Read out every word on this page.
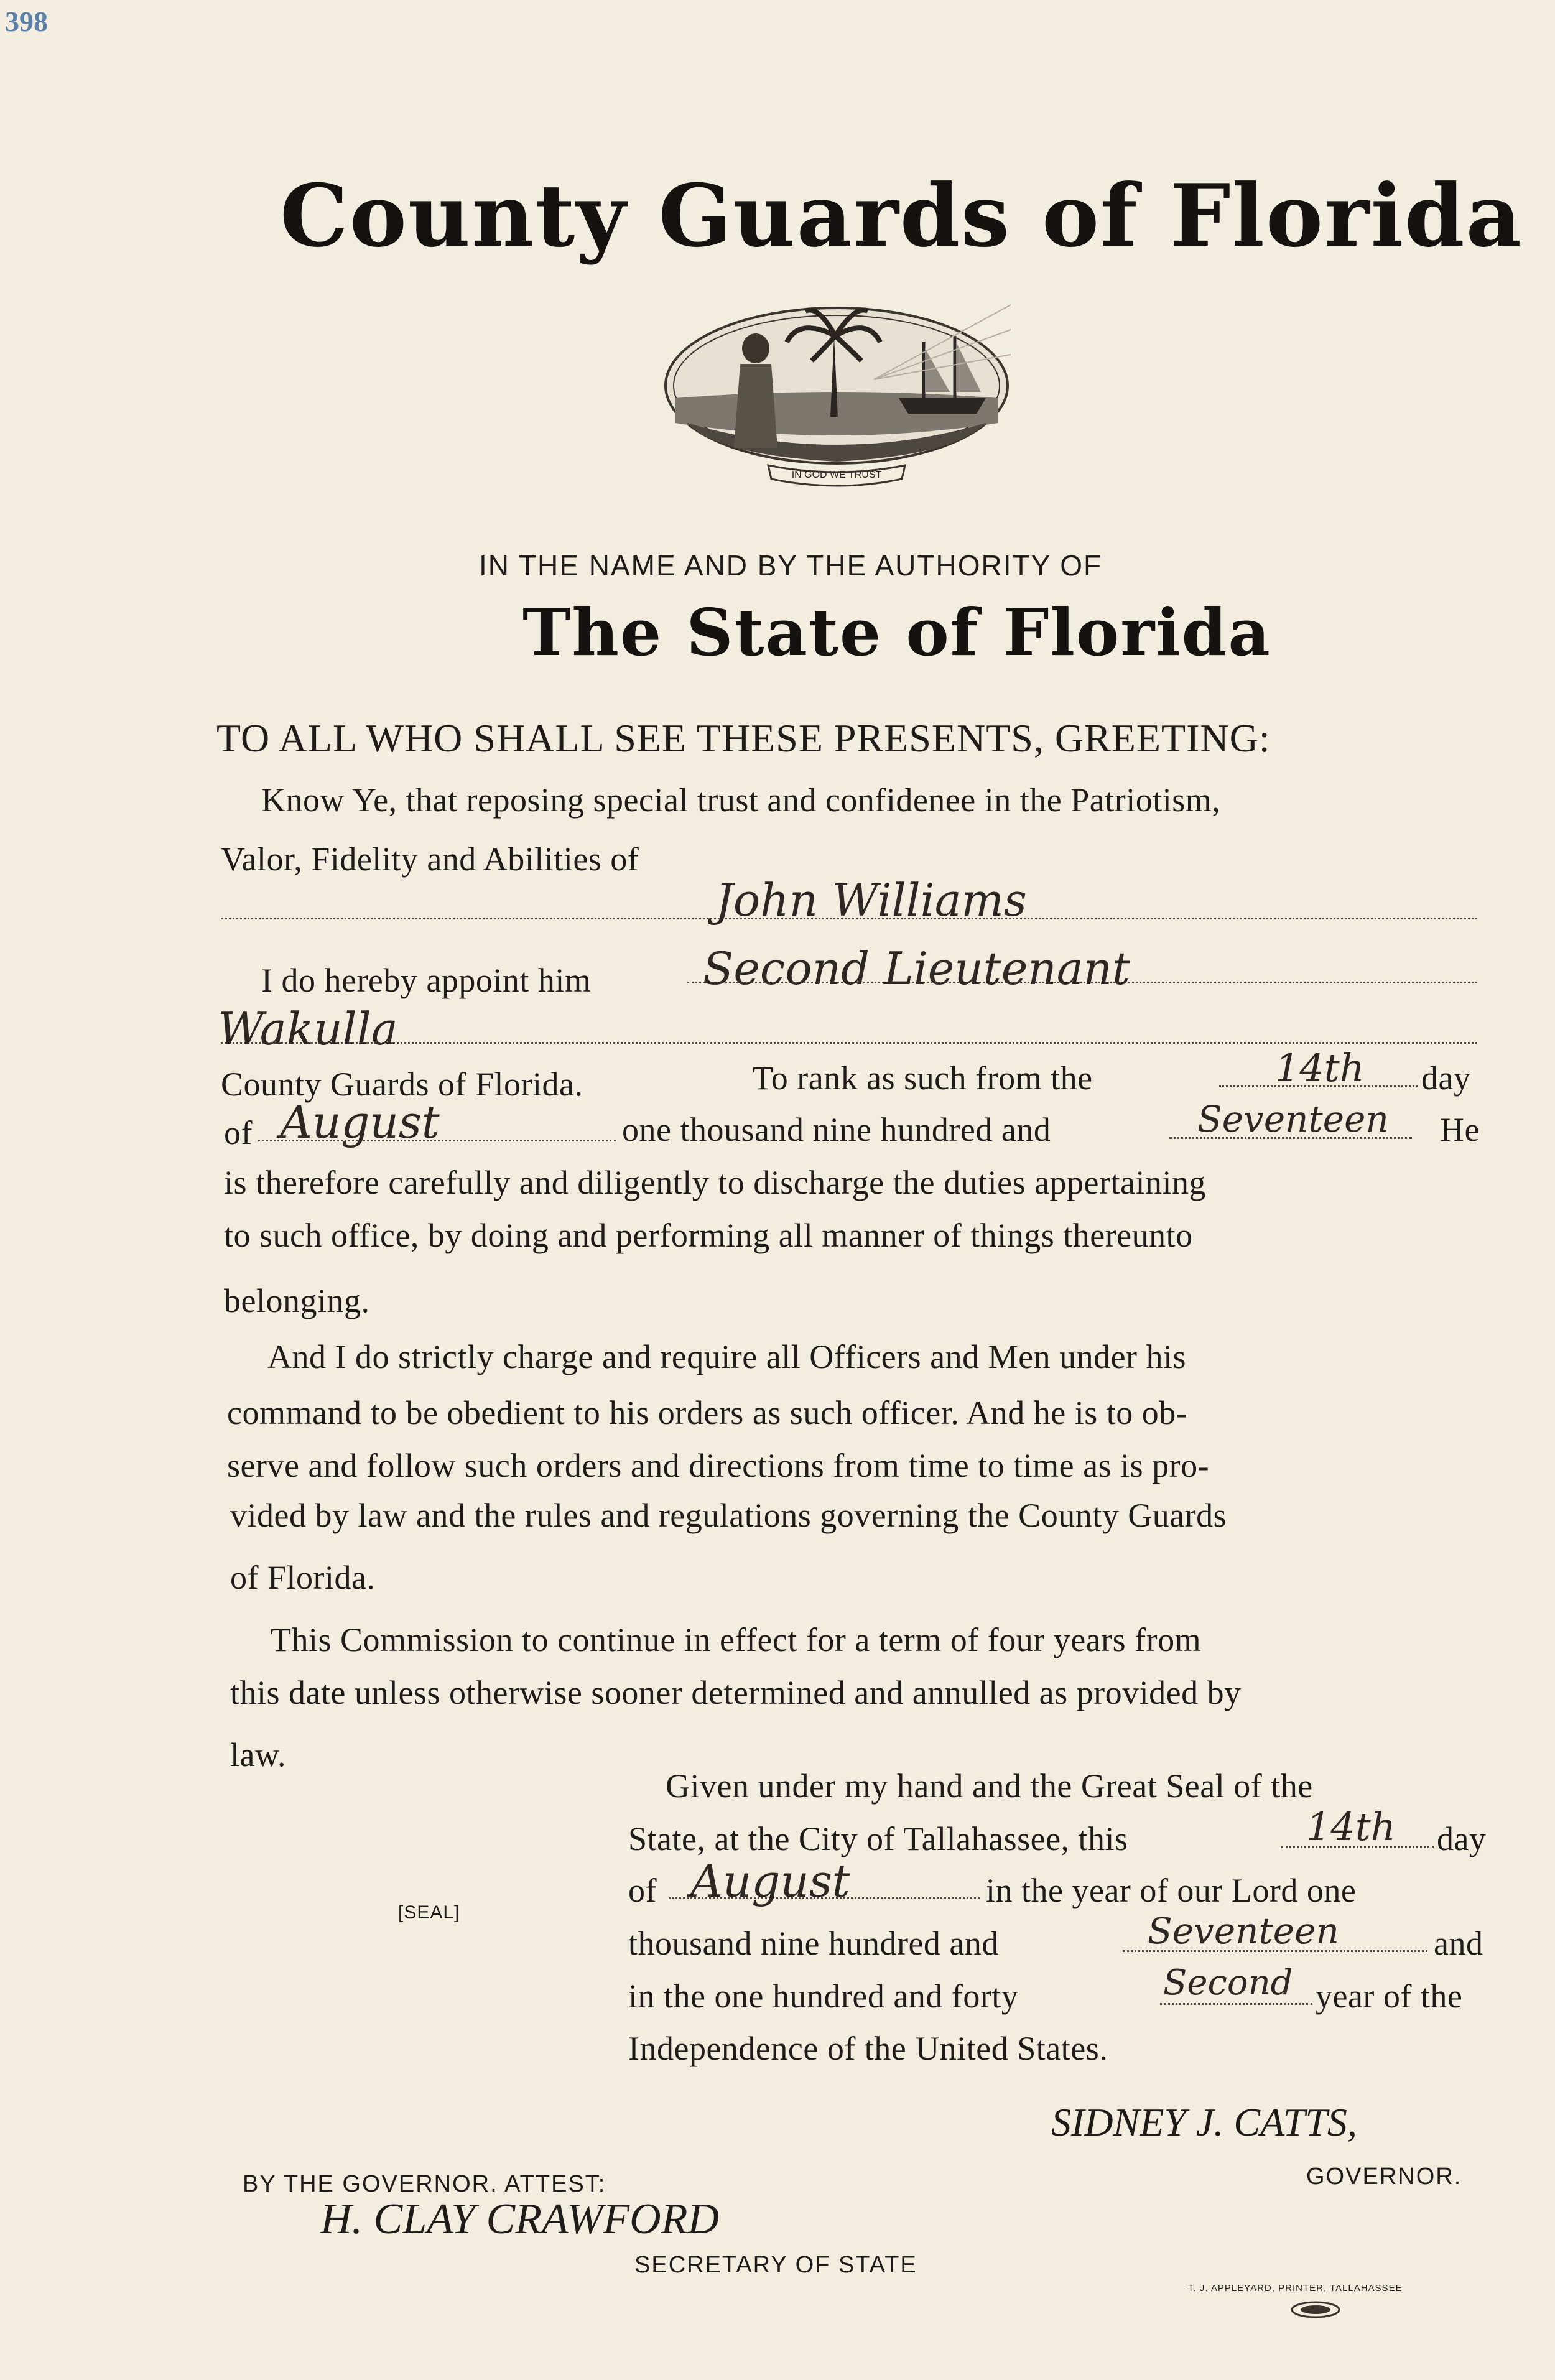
398
County Guards of Florida
IN GOD WE TRUST
IN THE NAME AND BY THE AUTHORITY OF
The State of Florida
TO ALL WHO SHALL SEE THESE PRESENTS, GREETING:
Know Ye, that reposing special trust and confidenee in the Patriotism,
Valor, Fidelity and Abilities of
John Williams
I do hereby appoint him Second Lieutenant
Wakulla
County Guards of Florida.	To rank as such from the	14th day
of August	one thousand nine hundred and	Seventeen He
is therefore carefully and diligently to discharge the duties appertaining
to such office, by doing and performing all manner of things thereunto
belonging.
And I do strictly charge and require all Officers and Men under his
command to be obedient to his orders as such officer. And he is to ob-
serve and follow such orders and directions from time to time as is pro-
vided by law and the rules and regulations governing the County Guards
of Florida.
This Commission to continue in effect for a term of four years from
this date unless otherwise sooner determined and annulled as provided by
law.
Given under my hand and the Great Seal of the
State, at the City of Tallahassee, this	14th day
[SEAL]
of August	in the year of our Lord one
thousand nine hundred and	Seventeen	and
in the one hundred and forty	Second year of the
Independence of the United States.
SIDNEY J. CATTS,
GOVERNOR.
BY THE GOVERNOR. ATTEST:
H. CLAY CRAWFORD
SECRETARY OF STATE
T. J. APPLEYARD, PRINTER, TALLAHASSEE
